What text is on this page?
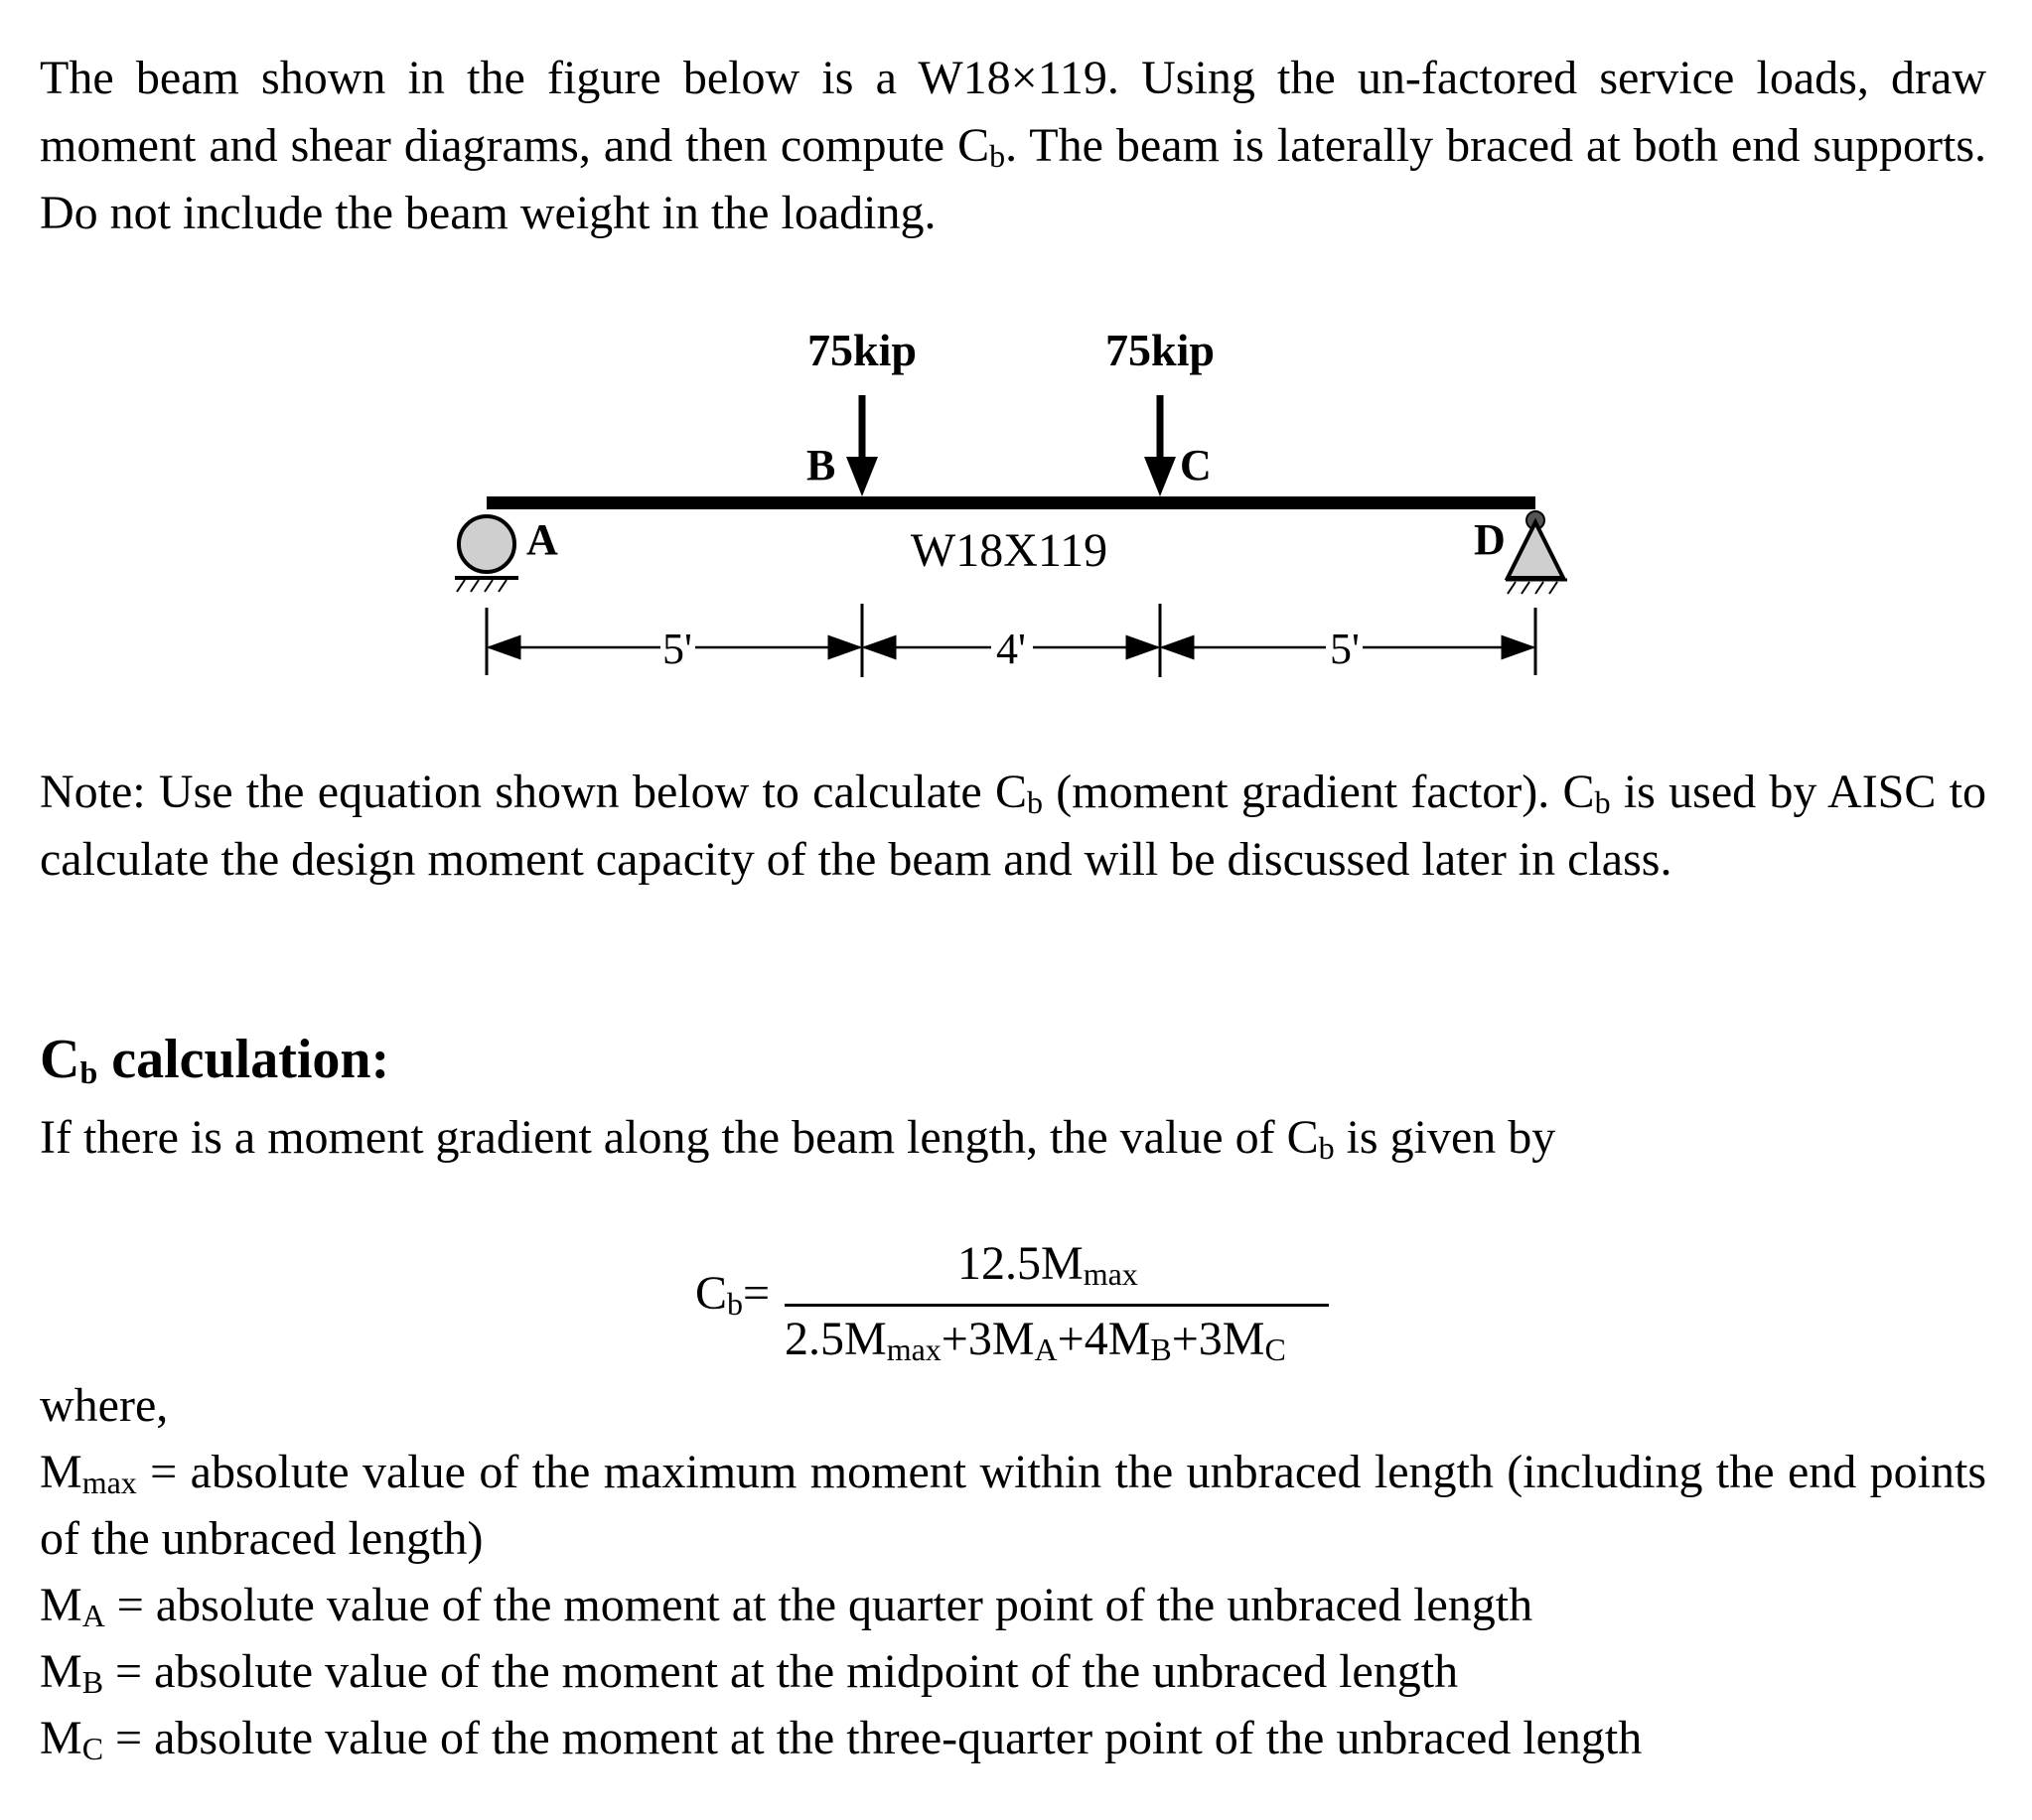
The beam shown in the figure below is a W18×119. Using the un-factored service loads, draw moment and shear diagrams, and then compute $C_b$. The beam is laterally braced at both end supports. Do not include the beam weight in the loading.

75kip	75kip
B	C
A	D
W18X119
5'	4'	5'

Note: Use the equation shown below to calculate $C_b$ (moment gradient factor). $C_b$ is used by AISC to calculate the design moment capacity of the beam and will be discussed later in class.

$C_b$ calculation:

If there is a moment gradient along the beam length, the value of $C_b$ is given by

$C_b=$
$12.5M_{max}$
$2.5M_{max}+3M_A+4M_B+3M_C$

where,

$M_{max}$ = absolute value of the maximum moment within the unbraced length (including the end points of the unbraced length)

$M_A$ = absolute value of the moment at the quarter point of the unbraced length

$M_B$ = absolute value of the moment at the midpoint of the unbraced length

$M_C$ = absolute value of the moment at the three-quarter point of the unbraced length
